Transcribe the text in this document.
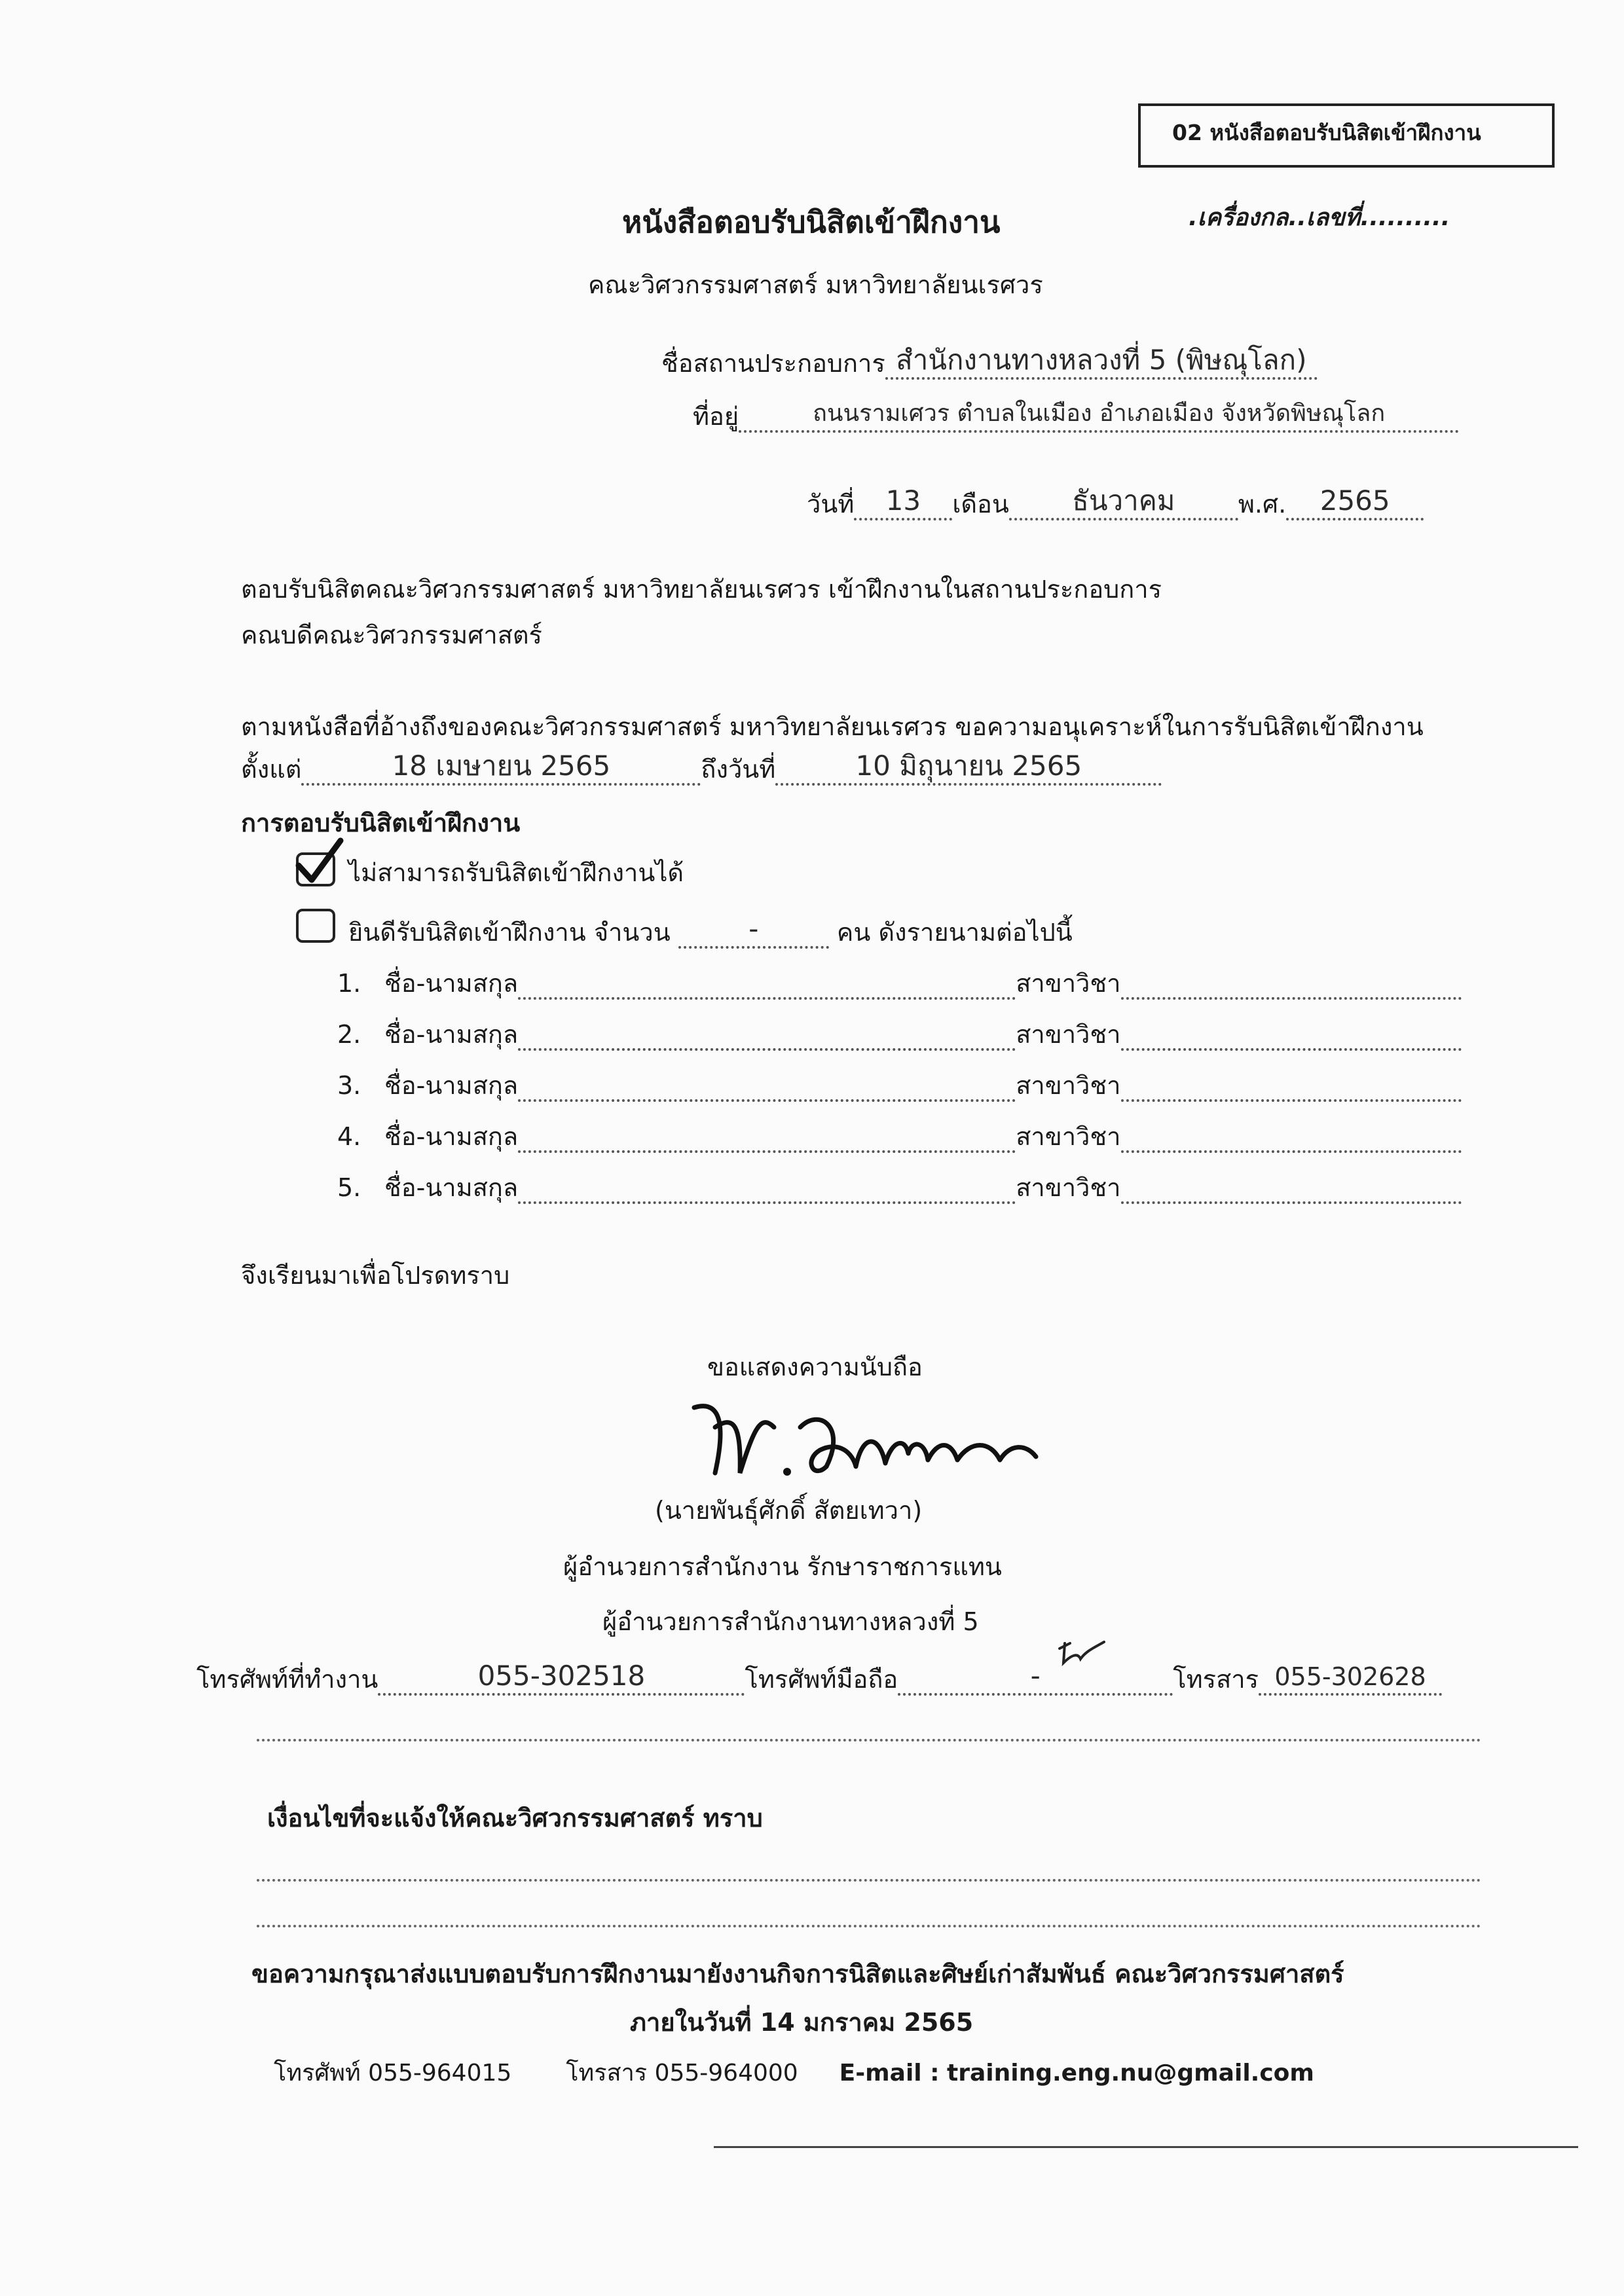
02 หนังสือตอบรับนิสิตเข้าฝึกงาน
หนังสือตอบรับนิสิตเข้าฝึกงาน	.เครื่องกล..เลขที่..........
คณะวิศวกรรมศาสตร์ มหาวิทยาลัยนเรศวร
ชื่อสถานประกอบการ สำนักงานทางหลวงที่ 5 (พิษณุโลก)
ที่อยู่	ถนนรามเศวร ตำบลในเมือง อำเภอเมือง จังหวัดพิษณุโลก
วันที่ 13 เดือน ธันวาคม	พ.ศ. 2565
ตอบรับนิสิตคณะวิศวกรรมศาสตร์ มหาวิทยาลัยนเรศวร เข้าฝึกงานในสถานประกอบการ
คณบดีคณะวิศวกรรมศาสตร์
ตามหนังสือที่อ้างถึงของคณะวิศวกรรมศาสตร์ มหาวิทยาลัยนเรศวร ขอความอนุเคราะห์ในการรับนิสิตเข้าฝึกงาน
ตั้งแต่	18 เมษายน 2565	ถึงวันที่	10 มิถุนายน 2565
การตอบรับนิสิตเข้าฝึกงาน
ไม่สามารถรับนิสิตเข้าฝึกงานได้
ยินดีรับนิสิตเข้าฝึกงาน จำนวน	-	คน ดังรายนามต่อไปนี้
1. ชื่อ-นามสกุล	สาขาวิชา
2. ชื่อ-นามสกุล	สาขาวิชา
3. ชื่อ-นามสกุล	สาขาวิชา
4. ชื่อ-นามสกุล	สาขาวิชา
5. ชื่อ-นามสกุล	สาขาวิชา
จึงเรียนมาเพื่อโปรดทราบ
ขอแสดงความนับถือ
(นายพันธุ์ศักดิ์ สัตยเทวา)
ผู้อำนวยการสำนักงาน รักษาราชการแทน
ผู้อำนวยการสำนักงานทางหลวงที่ 5
โทรศัพท์ที่ทำงาน	055-302518	โทรศัพท์มือถือ	-	โทรสาร 055-302628
เงื่อนไขที่จะแจ้งให้คณะวิศวกรรมศาสตร์ ทราบ
ขอความกรุณาส่งแบบตอบรับการฝึกงานมายังงานกิจการนิสิตและศิษย์เก่าสัมพันธ์ คณะวิศวกรรมศาสตร์
ภายในวันที่ 14 มกราคม 2565
โทรศัพท์ 055-964015 โทรสาร 055-964000 E-mail : training.eng.nu@gmail.com
